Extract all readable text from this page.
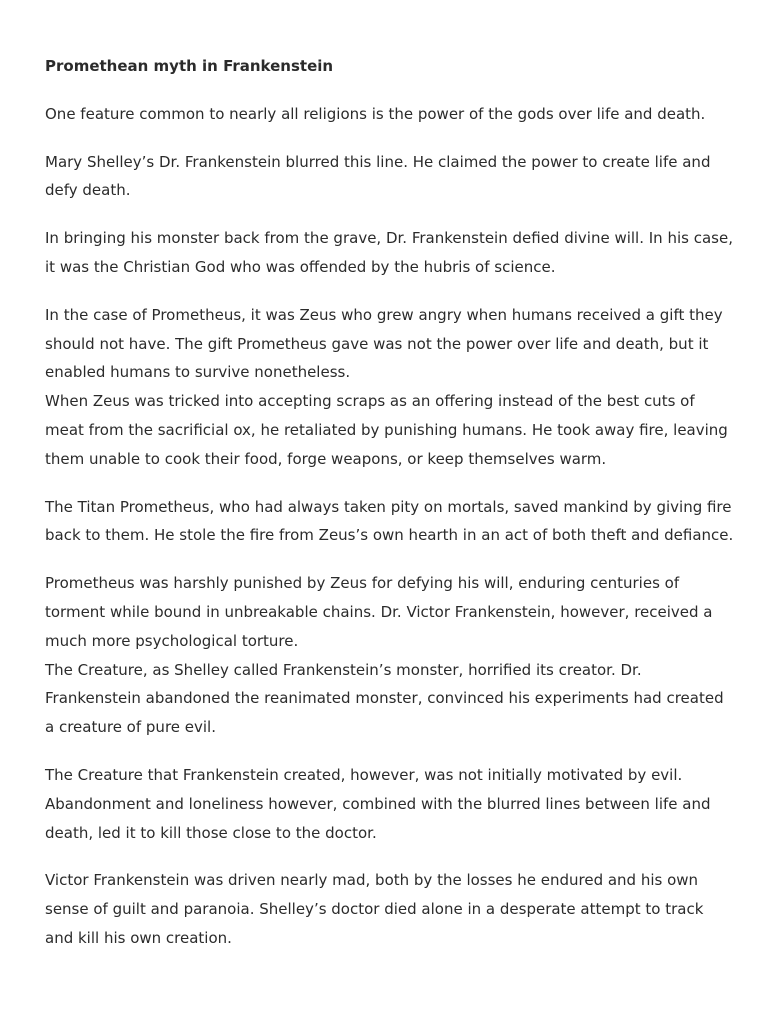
Promethean myth in Frankenstein

One feature common to nearly all religions is the power of the gods over life and death.

Mary Shelley’s Dr. Frankenstein blurred this line. He claimed the power to create life and defy death.

In bringing his monster back from the grave, Dr. Frankenstein defied divine will. In his case, it was the Christian God who was offended by the hubris of science.

In the case of Prometheus, it was Zeus who grew angry when humans received a gift they should not have. The gift Prometheus gave was not the power over life and death, but it enabled humans to survive nonetheless.

When Zeus was tricked into accepting scraps as an offering instead of the best cuts of meat from the sacrificial ox, he retaliated by punishing humans. He took away fire, leaving them unable to cook their food, forge weapons, or keep themselves warm.

The Titan Prometheus, who had always taken pity on mortals, saved mankind by giving fire back to them. He stole the fire from Zeus’s own hearth in an act of both theft and defiance.

Prometheus was harshly punished by Zeus for defying his will, enduring centuries of torment while bound in unbreakable chains. Dr. Victor Frankenstein, however, received a much more psychological torture.

The Creature, as Shelley called Frankenstein’s monster, horrified its creator. Dr. Frankenstein abandoned the reanimated monster, convinced his experiments had created a creature of pure evil.

The Creature that Frankenstein created, however, was not initially motivated by evil. Abandonment and loneliness however, combined with the blurred lines between life and death, led it to kill those close to the doctor.

Victor Frankenstein was driven nearly mad, both by the losses he endured and his own sense of guilt and paranoia. Shelley’s doctor died alone in a desperate attempt to track and kill his own creation.
